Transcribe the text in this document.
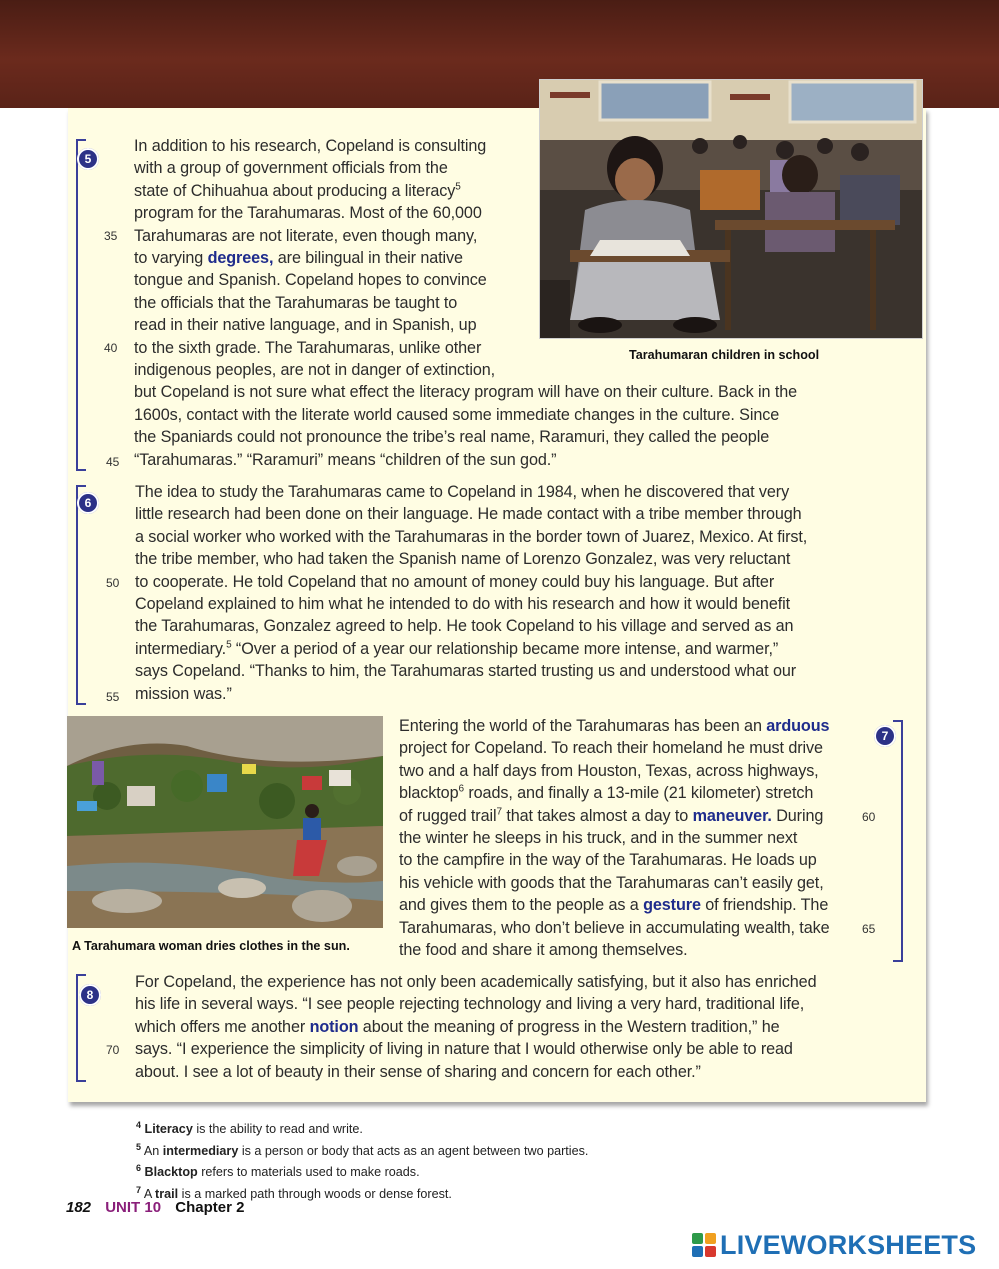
Tarahumaran children in school
A Tarahumara woman dries clothes in the sun.
5
In addition to his research, Copeland is consulting
with a group of government officials from the
state of Chihuahua about producing a literacy$^5$
program for the Tarahumaras. Most of the 60,000
Tarahumaras are not literate, even though many,
to varying degrees, are bilingual in their native
tongue and Spanish. Copeland hopes to convince
the officials that the Tarahumaras be taught to
read in their native language, and in Spanish, up
to the sixth grade. The Tarahumaras, unlike other
indigenous peoples, are not in danger of extinction,
but Copeland is not sure what effect the literacy program will have on their culture. Back in the
1600s, contact with the literate world caused some immediate changes in the culture. Since
the Spaniards could not pronounce the tribe’s real name, Raramuri, they called the people
“Tarahumaras.” “Raramuri” means “children of the sun god.”
6
The idea to study the Tarahumaras came to Copeland in 1984, when he discovered that very
little research had been done on their language. He made contact with a tribe member through
a social worker who worked with the Tarahumaras in the border town of Juarez, Mexico. At first,
the tribe member, who had taken the Spanish name of Lorenzo Gonzalez, was very reluctant
to cooperate. He told Copeland that no amount of money could buy his language. But after
Copeland explained to him what he intended to do with his research and how it would benefit
the Tarahumaras, Gonzalez agreed to help. He took Copeland to his village and served as an
intermediary.$^5$ “Over a period of a year our relationship became more intense, and warmer,”
says Copeland. “Thanks to him, the Tarahumaras started trusting us and understood what our
mission was.”
7
Entering the world of the Tarahumaras has been an arduous
project for Copeland. To reach their homeland he must drive
two and a half days from Houston, Texas, across highways,
blacktop$^6$ roads, and finally a 13-mile (21 kilometer) stretch
of rugged trail$^7$ that takes almost a day to maneuver. During
the winter he sleeps in his truck, and in the summer next
to the campfire in the way of the Tarahumaras. He loads up
his vehicle with goods that the Tarahumaras can’t easily get,
and gives them to the people as a gesture of friendship. The
Tarahumaras, who don’t believe in accumulating wealth, take
the food and share it among themselves.
8
For Copeland, the experience has not only been academically satisfying, but it also has enriched
his life in several ways. “I see people rejecting technology and living a very hard, traditional life,
which offers me another notion about the meaning of progress in the Western tradition,” he
says. “I experience the simplicity of living in nature that I would otherwise only be able to read
about. I see a lot of beauty in their sense of sharing and concern for each other.”
35
40
45
50
55
60
65
70
$^4$ Literacy is the ability to read and write.
$^5$ An intermediary is a person or body that acts as an agent between two parties.
$^6$ Blacktop refers to materials used to make roads.
$^7$ A trail is a marked path through woods or dense forest.
182 UNIT 10 Chapter 2
LIVEWORKSHEETS
